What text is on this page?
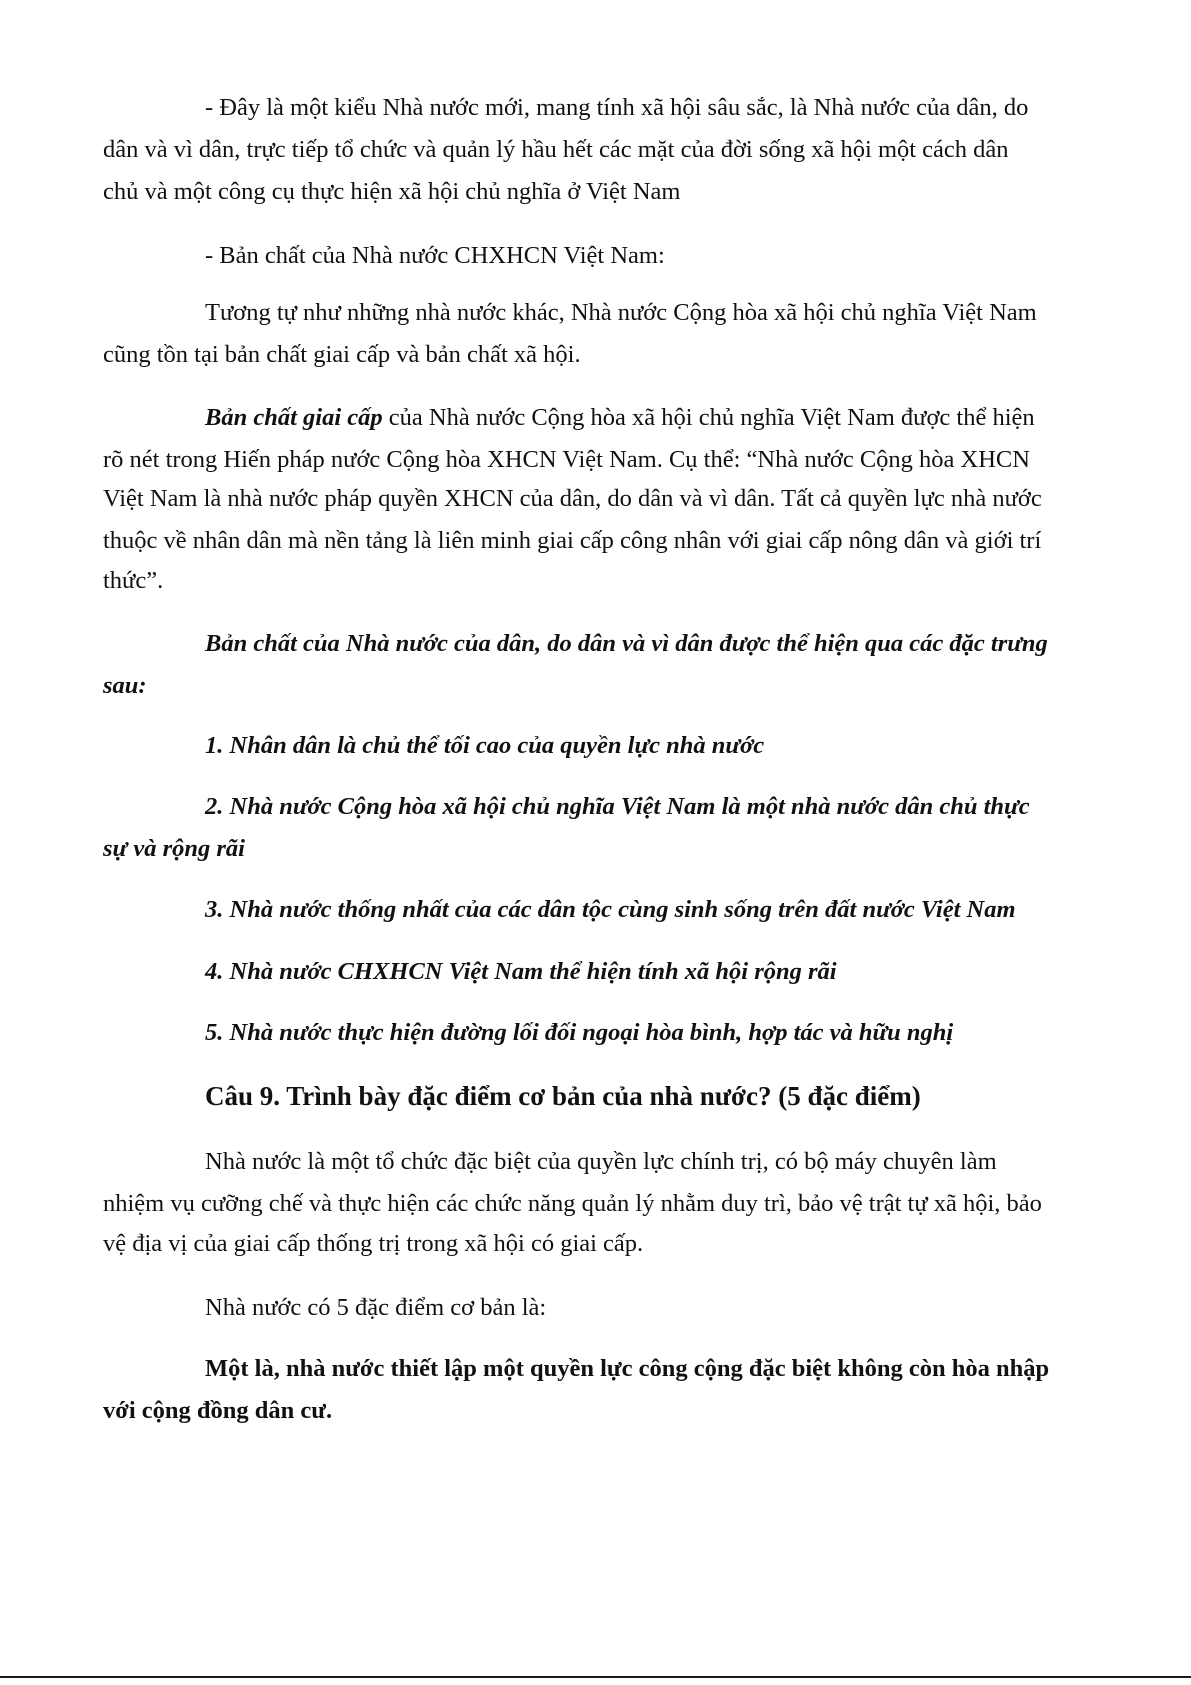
- Đây là một kiểu Nhà nước mới, mang tính xã hội sâu sắc, là Nhà nước của dân, do
dân và vì dân, trực tiếp tổ chức và quản lý hầu hết các mặt của đời sống xã hội một cách dân
chủ và một công cụ thực hiện xã hội chủ nghĩa ở Việt Nam
- Bản chất của Nhà nước CHXHCN Việt Nam:
Tương tự như những nhà nước khác, Nhà nước Cộng hòa xã hội chủ nghĩa Việt Nam
cũng tồn tại bản chất giai cấp và bản chất xã hội.
Bản chất giai cấp của Nhà nước Cộng hòa xã hội chủ nghĩa Việt Nam được thể hiện
rõ nét trong Hiến pháp nước Cộng hòa XHCN Việt Nam. Cụ thể: “Nhà nước Cộng hòa XHCN
Việt Nam là nhà nước pháp quyền XHCN của dân, do dân và vì dân. Tất cả quyền lực nhà nước
thuộc về nhân dân mà nền tảng là liên minh giai cấp công nhân với giai cấp nông dân và giới trí
thức”.
Bản chất của Nhà nước của dân, do dân và vì dân được thể hiện qua các đặc trưng
sau:
1. Nhân dân là chủ thể tối cao của quyền lực nhà nước
2. Nhà nước Cộng hòa xã hội chủ nghĩa Việt Nam là một nhà nước dân chủ thực
sự và rộng rãi
3. Nhà nước thống nhất của các dân tộc cùng sinh sống trên đất nước Việt Nam
4. Nhà nước CHXHCN Việt Nam thể hiện tính xã hội rộng rãi
5. Nhà nước thực hiện đường lối đối ngoại hòa bình, hợp tác và hữu nghị
Câu 9. Trình bày đặc điểm cơ bản của nhà nước? (5 đặc điểm)
Nhà nước là một tổ chức đặc biệt của quyền lực chính trị, có bộ máy chuyên làm
nhiệm vụ cưỡng chế và thực hiện các chức năng quản lý nhằm duy trì, bảo vệ trật tự xã hội, bảo
vệ địa vị của giai cấp thống trị trong xã hội có giai cấp.
Nhà nước có 5 đặc điểm cơ bản là:
Một là, nhà nước thiết lập một quyền lực công cộng đặc biệt không còn hòa nhập
với cộng đồng dân cư.
